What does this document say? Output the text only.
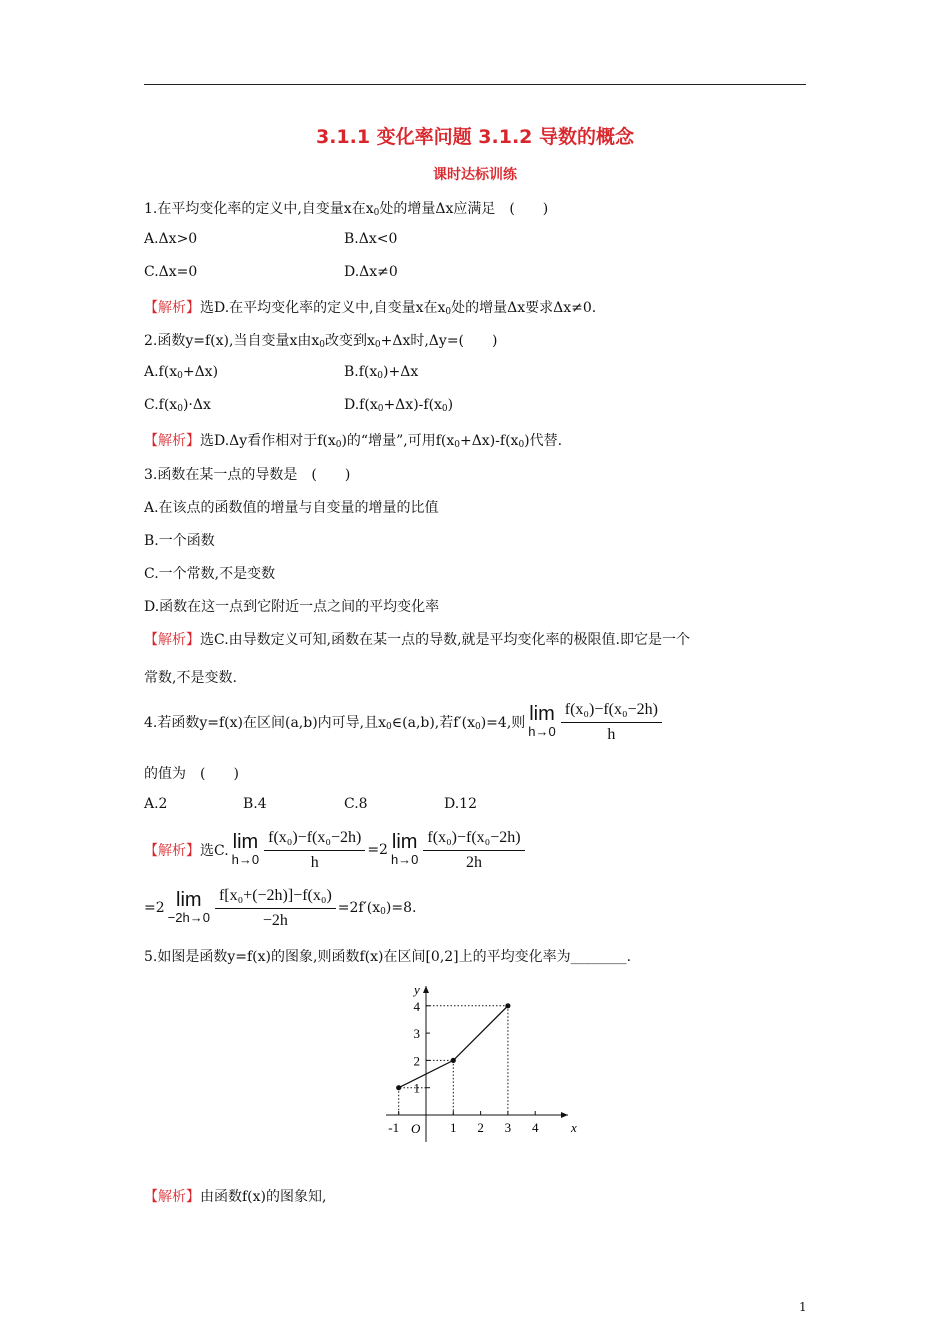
3.1.1 变化率问题 3.1.2 导数的概念
课时达标训练
1.在平均变化率的定义中,自变量x在$x_0$处的增量Δx应满足　(　　)
A.Δx>0	B.Δx<0
C.Δx=0	D.Δx≠0
【解析】选D.在平均变化率的定义中,自变量x在$x_0$处的增量Δx要求Δx≠0.
2.函数y=f(x),当自变量x由$x_0$改变到$x_0+\Delta x$时,Δy=(　　)
$A.f(x_0+\Delta x)$	$B.f(x_0)+\Delta x$
$C.f(x_0)\cdot\Delta x$	$D.f(x_0+\Delta x)-f(x_0)$
【解析】选D.Δy看作相对于$f(x_0)$的“增量”,可用$f(x_0+\Delta x)-f(x_0)$代替.
3.函数在某一点的导数是　(　　)
A.在该点的函数值的增量与自变量的增量的比值
B.一个函数
C.一个常数,不是变数
D.函数在这一点到它附近一点之间的平均变化率
【解析】选C.由导数定义可知,函数在某一点的导数,就是平均变化率的极限值.即它是一个
常数,不是变数.
4.若函数y=f(x)在区间(a,b)内可导,且$x_0\in(a,b)$,若$f'(x_0)=4$,则 lim
$h\to 0 \frac{\text{f(x₀)−f(x₀−2h)}}{h}$
的值为　(　　)
A.2	B.4	C.8	D.12
【解析】 选C. lim
$h\to 0 \frac{\text{f(x₀)−f(x₀−2h)}}{h} =2$ lim
$h\to 0 \frac{\text{f(x₀)−f(x₀−2h)}}{2h}$
=2 lim
$-2h\to 0 \frac{\text{f[x₀+(−2h)]−f(x₀)}}{-2h} =2f'(x_0)=8$.
5.如图是函数y=f(x)的图象,则函数f(x)在区间[0,2]上的平均变化率为________.
-1	1 2 3 4
1
2
3
4
y
x
O
【解析】由函数f(x)的图象知,
1
